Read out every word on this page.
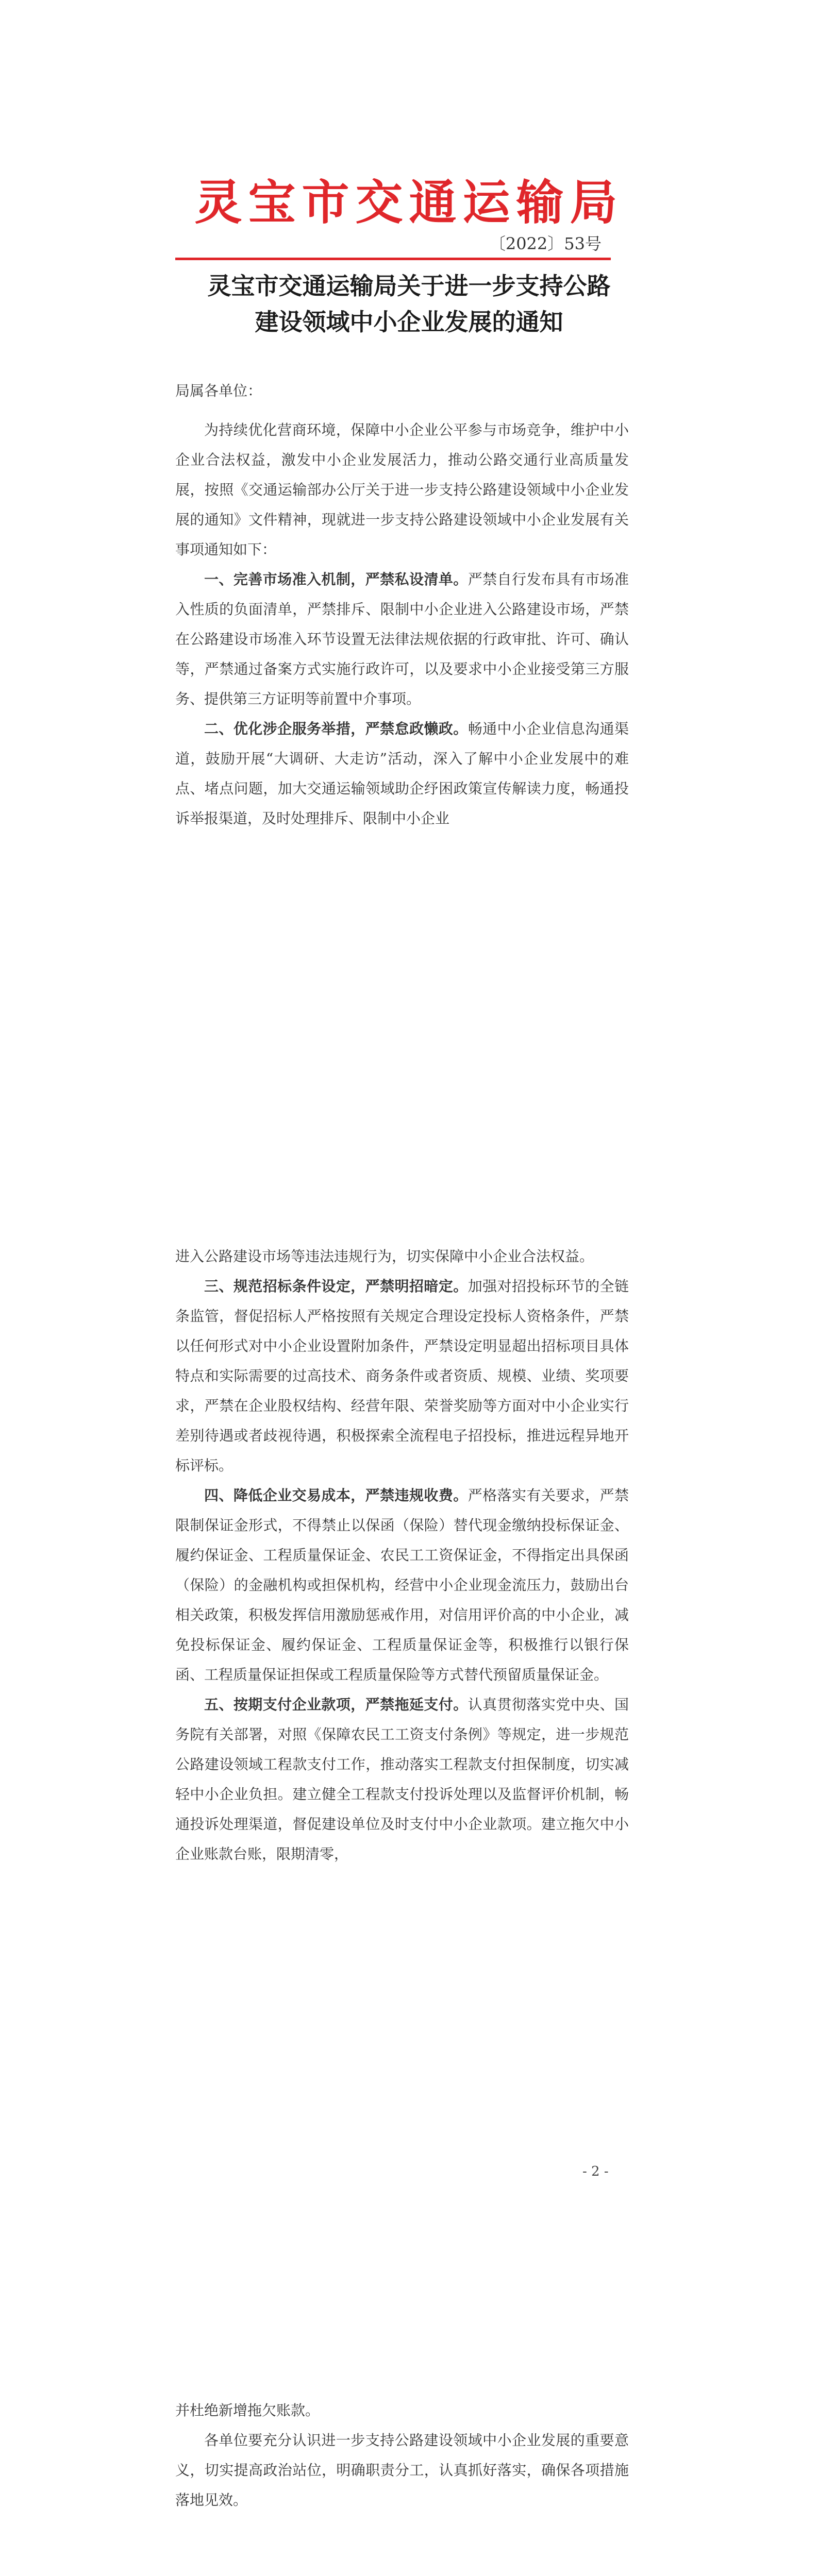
灵宝市交通运输局
〔2022〕53号
灵宝市交通运输局关于进一步支持公路
建设领域中小企业发展的通知

局属各单位：

为持续优化营商环境，保障中小企业公平参与市场竞争，维护中小企业合法权益，激发中小企业发展活力，推动公路交通行业高质量发展，按照《交通运输部办公厅关于进一步支持公路建设领域中小企业发展的通知》文件精神，现就进一步支持公路建设领域中小企业发展有关事项通知如下：

一、完善市场准入机制，严禁私设清单。严禁自行发布具有市场准入性质的负面清单，严禁排斥、限制中小企业进入公路建设市场，严禁在公路建设市场准入环节设置无法律法规依据的行政审批、许可、确认等，严禁通过备案方式实施行政许可，以及要求中小企业接受第三方服务、提供第三方证明等前置中介事项。

二、优化涉企服务举措，严禁怠政懒政。畅通中小企业信息沟通渠道，鼓励开展“大调研、大走访”活动，深入了解中小企业发展中的难点、堵点问题，加大交通运输领域助企纾困政策宣传解读力度，畅通投诉举报渠道，及时处理排斥、限制中小企业

进入公路建设市场等违法违规行为，切实保障中小企业合法权益。

三、规范招标条件设定，严禁明招暗定。加强对招投标环节的全链条监管，督促招标人严格按照有关规定合理设定投标人资格条件，严禁以任何形式对中小企业设置附加条件，严禁设定明显超出招标项目具体特点和实际需要的过高技术、商务条件或者资质、规模、业绩、奖项要求，严禁在企业股权结构、经营年限、荣誉奖励等方面对中小企业实行差别待遇或者歧视待遇，积极探索全流程电子招投标，推进远程异地开标评标。

四、降低企业交易成本，严禁违规收费。严格落实有关要求，严禁限制保证金形式，不得禁止以保函（保险）替代现金缴纳投标保证金、履约保证金、工程质量保证金、农民工工资保证金，不得指定出具保函（保险）的金融机构或担保机构，经营中小企业现金流压力，鼓励出台相关政策，积极发挥信用激励惩戒作用，对信用评价高的中小企业，减免投标保证金、履约保证金、工程质量保证金等，积极推行以银行保函、工程质量保证担保或工程质量保险等方式替代预留质量保证金。

五、按期支付企业款项，严禁拖延支付。认真贯彻落实党中央、国务院有关部署，对照《保障农民工工资支付条例》等规定，进一步规范公路建设领域工程款支付工作，推动落实工程款支付担保制度，切实减轻中小企业负担。建立健全工程款支付投诉处理以及监督评价机制，畅通投诉处理渠道，督促建设单位及时支付中小企业款项。建立拖欠中小企业账款台账，限期清零，

- 2 -

并杜绝新增拖欠账款。

各单位要充分认识进一步支持公路建设领域中小企业发展的重要意义，切实提高政治站位，明确职责分工，认真抓好落实，确保各项措施落地见效。
